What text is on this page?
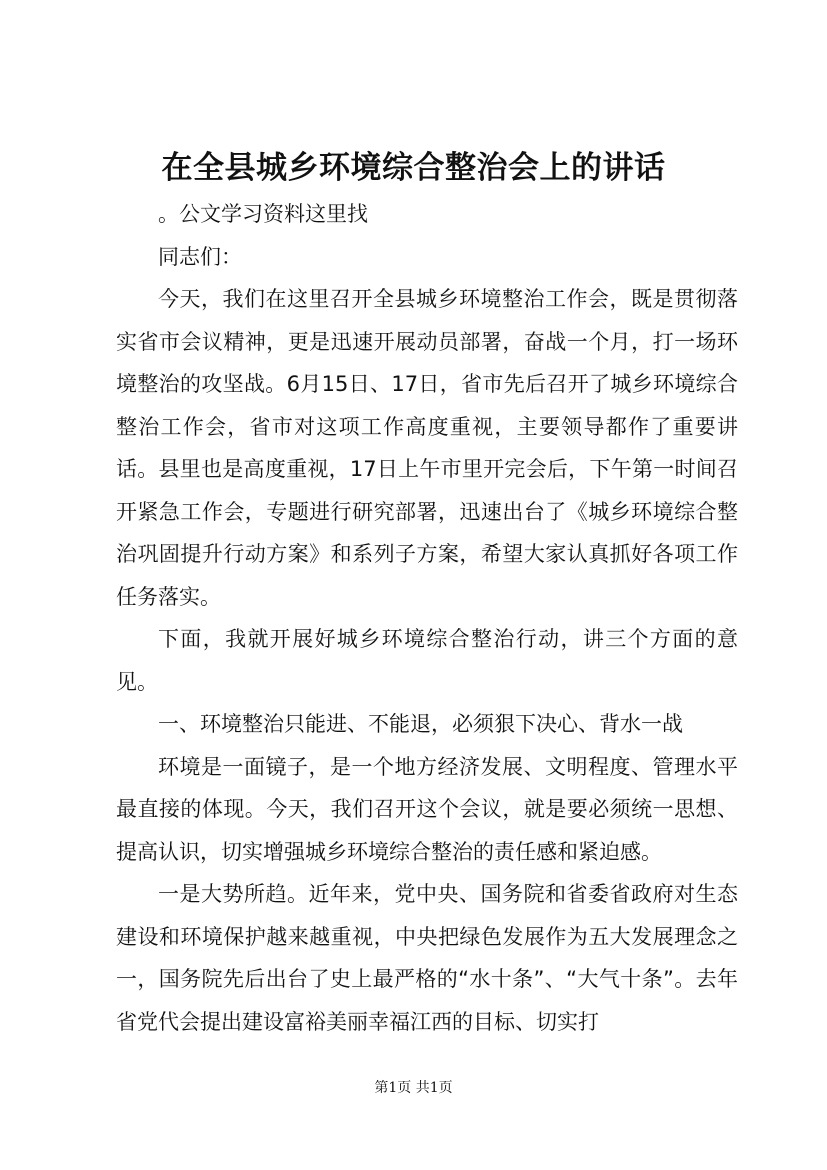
在全县城乡环境综合整治会上的讲话

。公文学习资料这里找

同志们：

今天，我们在这里召开全县城乡环境整治工作会，既是贯彻落实省市会议精神，更是迅速开展动员部署，奋战一个月，打一场环境整治的攻坚战。6月15日、17日，省市先后召开了城乡环境综合整治工作会，省市对这项工作高度重视，主要领导都作了重要讲话。县里也是高度重视，17日上午市里开完会后，下午第一时间召开紧急工作会，专题进行研究部署，迅速出台了《城乡环境综合整治巩固提升行动方案》和系列子方案，希望大家认真抓好各项工作任务落实。

下面，我就开展好城乡环境综合整治行动，讲三个方面的意见。

一、环境整治只能进、不能退，必须狠下决心、背水一战

环境是一面镜子，是一个地方经济发展、文明程度、管理水平最直接的体现。今天，我们召开这个会议，就是要必须统一思想、提高认识，切实增强城乡环境综合整治的责任感和紧迫感。

一是大势所趋。近年来，党中央、国务院和省委省政府对生态建设和环境保护越来越重视，中央把绿色发展作为五大发展理念之一，国务院先后出台了史上最严格的“水十条”、“大气十条”。去年省党代会提出建设富裕美丽幸福江西的目标、切实打

第1页 共1页
